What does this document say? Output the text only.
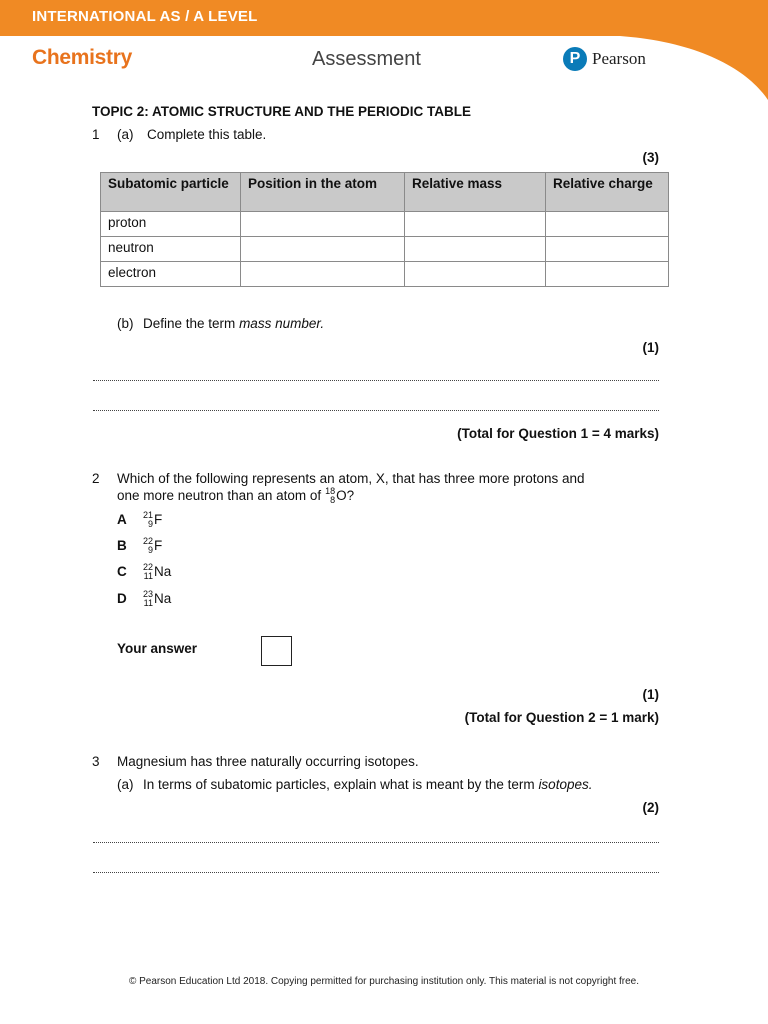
INTERNATIONAL AS / A LEVEL
Chemistry	Assessment	P Pearson
TOPIC 2: ATOMIC STRUCTURE AND THE PERIODIC TABLE
1 (a) Complete this table.
(3)
Subatomic particle	Position in the atom	Relative mass	Relative charge
proton			
neutron			
electron			
(b) Define the term mass number.
(1)
(Total for Question 1 = 4 marks)
2 Which of the following represents an atom, X, that has three more protons and
one more neutron than an atom of 18
8 O?
A	21
9 F
B	22
9 F
C	22
11 Na
D	23
11 Na
Your answer
(1)
(Total for Question 2 = 1 mark)
3 Magnesium has three naturally occurring isotopes.
(a) In terms of subatomic particles, explain what is meant by the term isotopes.
(2)
© Pearson Education Ltd 2018. Copying permitted for purchasing institution only. This material is not copyright free.
